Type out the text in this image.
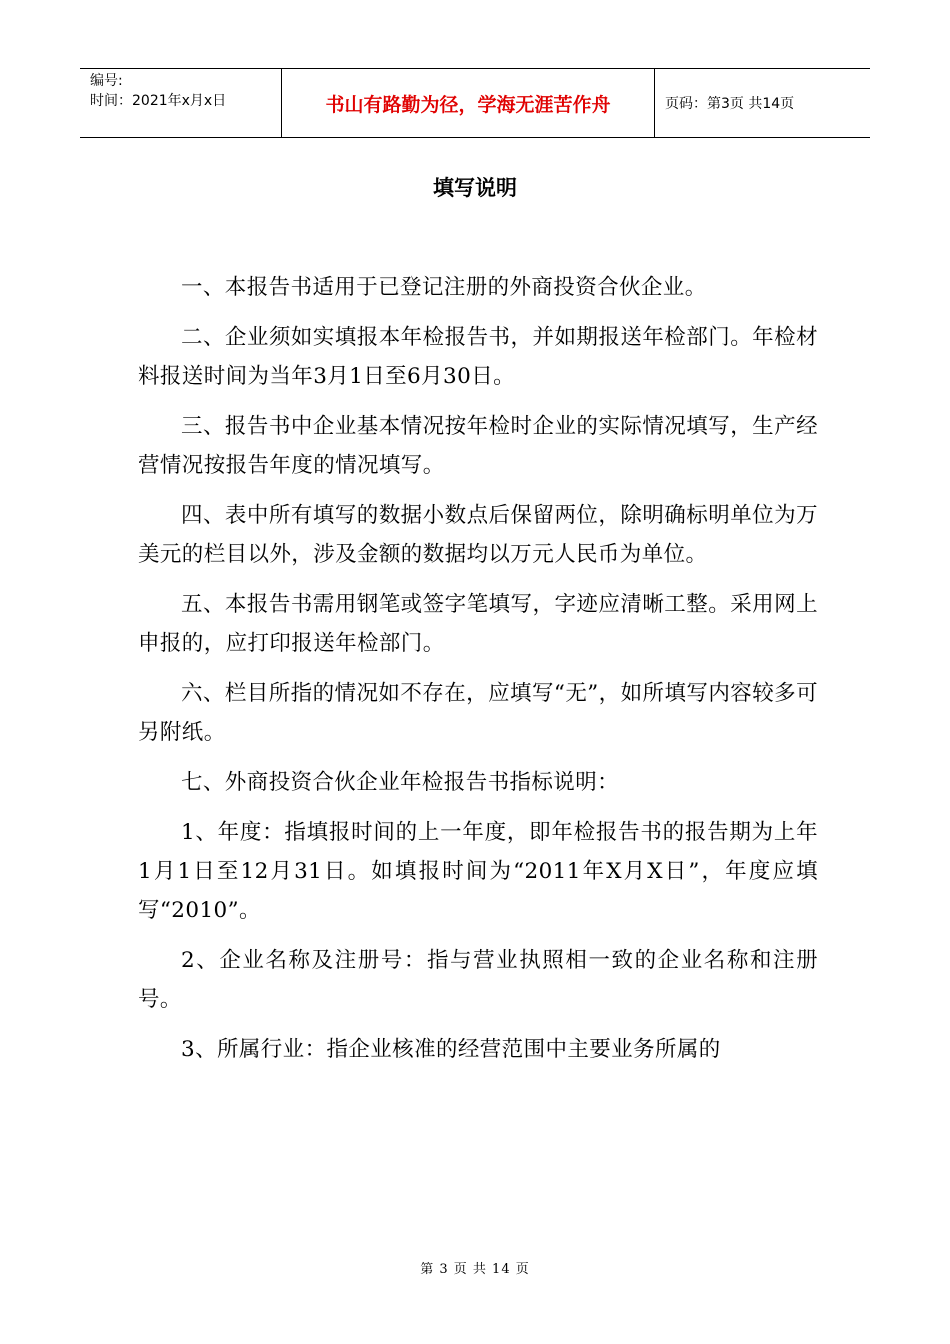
编号:
时间：2021年x月x日	书山有路勤为径，学海无涯苦作舟	页码：第3页 共14页
填写说明

一、本报告书适用于已登记注册的外商投资合伙企业。

二、企业须如实填报本年检报告书，并如期报送年检部门。年检材料报送时间为当年3月1日至6月30日。

三、报告书中企业基本情况按年检时企业的实际情况填写，生产经营情况按报告年度的情况填写。

四、表中所有填写的数据小数点后保留两位，除明确标明单位为万美元的栏目以外，涉及金额的数据均以万元人民币为单位。

五、本报告书需用钢笔或签字笔填写，字迹应清晰工整。采用网上申报的，应打印报送年检部门。

六、栏目所指的情况如不存在，应填写“无”，如所填写内容较多可另附纸。

七、外商投资合伙企业年检报告书指标说明：

1、年度：指填报时间的上一年度，即年检报告书的报告期为上年1月1日至12月31日。如填报时间为“2011年X月X日”，年度应填写“2010”。

2、企业名称及注册号：指与营业执照相一致的企业名称和注册号。

3、所属行业：指企业核准的经营范围中主要业务所属的

第 3 页 共 14 页
